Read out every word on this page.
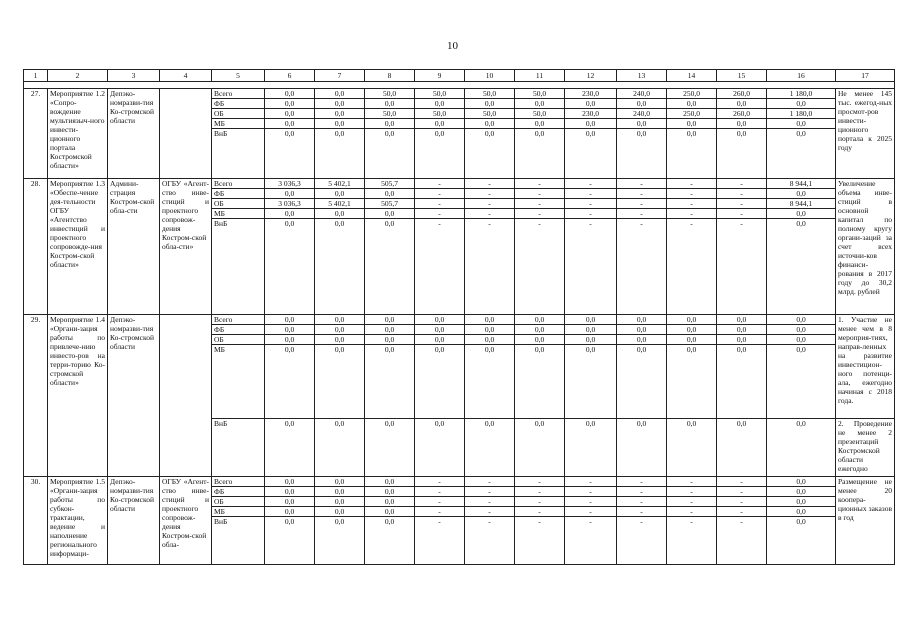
10
1	2	3	4	5	6	7	8	9	10	11	12	13	14	15	16	17

27.	Мероприятие 1.2 «Сопро-вождение мультиязыч-ного инвести-ционного портала Костромской области»	Депэко-номразви-тия Ко-стромской области		Всего	0,0	0,0	50,0	50,0	50,0	50,0	230,0	240,0	250,0	260,0	1 180,0	Не менее 145 тыс. ежегод-ных просмот-ров инвести-ционного портала к 2025 году
				ФБ	0,0	0,0	0,0	0,0	0,0	0,0	0,0	0,0	0,0	0,0	0,0	
				ОБ	0,0	0,0	50,0	50,0	50,0	50,0	230,0	240,0	250,0	260,0	1 180,0	
				МБ	0,0	0,0	0,0	0,0	0,0	0,0	0,0	0,0	0,0	0,0	0,0	
				ВнБ	0,0	0,0	0,0	0,0	0,0	0,0	0,0	0,0	0,0	0,0	0,0	
28.	Мероприятие 1.3 «Обеспе-чение дея-тельности ОГБУ «Агентство инвестиций и проектного сопровожде-ния Костром-ской области»	Админи-страция Костром-ской обла-сти	ОГБУ «Агент-ство инве-стиций и проектного сопровож-дения Костром-ской обла-сти»	Всего	3 036,3	5 402,1	505,7	-	-	-	-	-	-	-	8 944,1	Увеличение объема инве-стиций в основной капитал по полному кругу органи-заций за счет всех источни-ков финанси-рования в 2017 году до 30,2 млрд. рублей
				ФБ	0,0	0,0	0,0	-	-	-	-	-	-	-	0,0	
				ОБ	3 036,3	5 402,1	505,7	-	-	-	-	-	-	-	8 944,1	
				МБ	0,0	0,0	0,0	-	-	-	-	-	-	-	0,0	
				ВнБ	0,0	0,0	0,0	-	-	-	-	-	-	-	0,0	
29.	Мероприятие 1.4 «Органи-зация работы по привлече-нию инвесто-ров на терри-торию Ко-стромской области»	Депэко-номразви-тия Ко-стромской области		Всего	0,0	0,0	0,0	0,0	0,0	0,0	0,0	0,0	0,0	0,0	0,0	1. Участие не менее чем в 8 мероприя-тиях, направ-ленных на развитие инвестицион-ного потенци-ала, ежегодно начиная с 2018 года.
				ФБ	0,0	0,0	0,0	0,0	0,0	0,0	0,0	0,0	0,0	0,0	0,0	
				ОБ	0,0	0,0	0,0	0,0	0,0	0,0	0,0	0,0	0,0	0,0	0,0	
				МБ	0,0	0,0	0,0	0,0	0,0	0,0	0,0	0,0	0,0	0,0	0,0	
				ВнБ	0,0	0,0	0,0	0,0	0,0	0,0	0,0	0,0	0,0	0,0	0,0	2. Проведение не менее 2 презентаций Костромской области ежегодно
30.	Мероприятие 1.5 «Органи-зация работы по субкон-трактации, ведение и наполнение регионального информаци-	Депэко-номразви-тия Ко-стромской области	ОГБУ «Агент-ство инве-стиций и проектного сопровож-дения Костром-ской обла-	Всего	0,0	0,0	0,0	-	-	-	-	-	-	-	0,0	Размещение не менее 20 коопера-ционных заказов в год
				ФБ	0,0	0,0	0,0	-	-	-	-	-	-	-	0,0	
				ОБ	0,0	0,0	0,0	-	-	-	-	-	-	-	0,0	
				МБ	0,0	0,0	0,0	-	-	-	-	-	-	-	0,0	
				ВнБ	0,0	0,0	0,0	-	-	-	-	-	-	-	0,0	
